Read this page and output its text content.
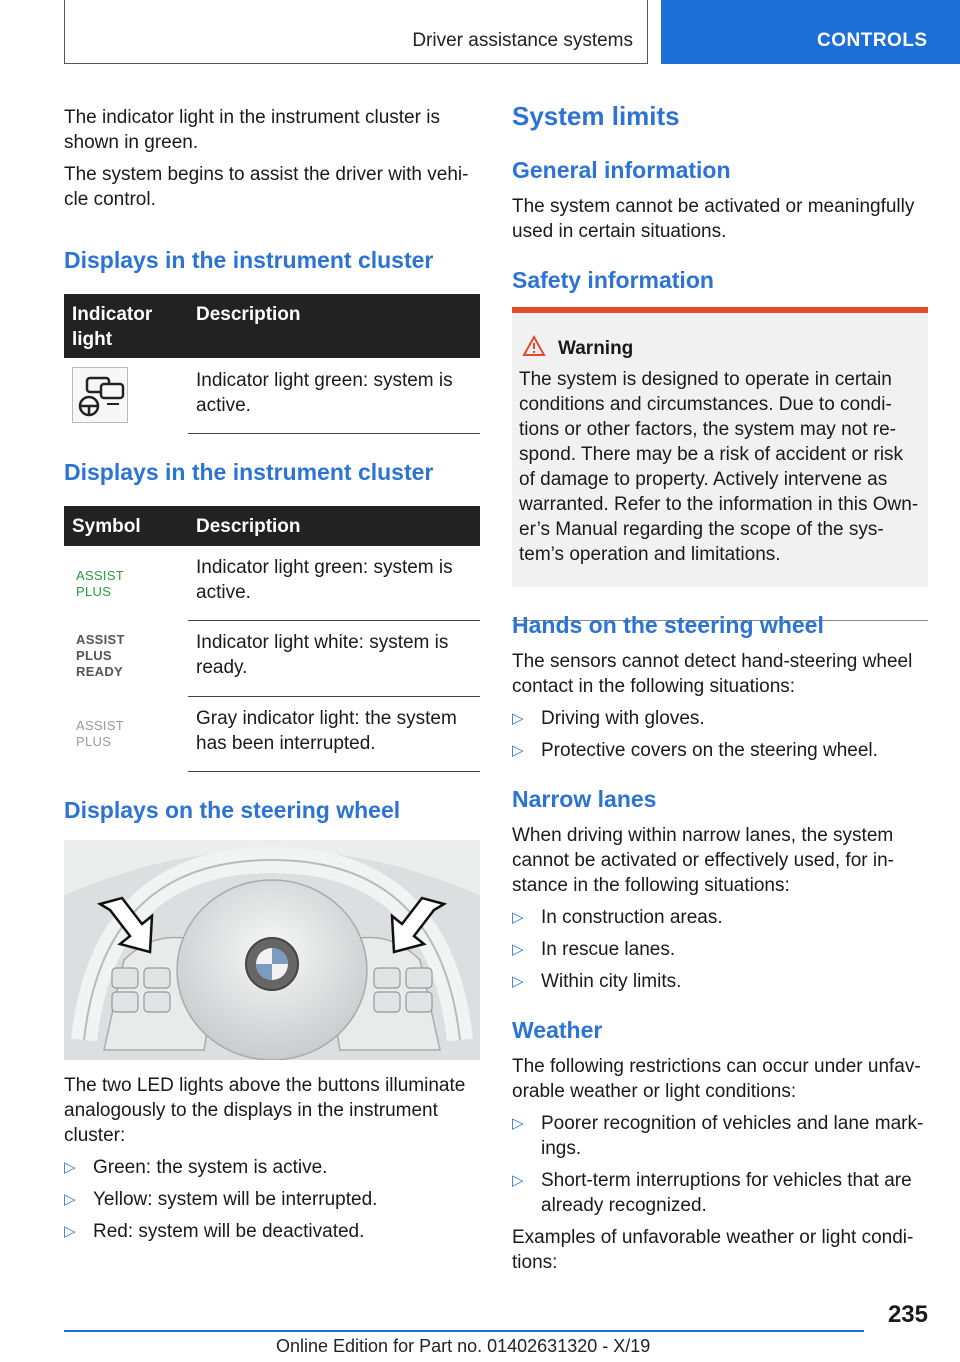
Driver assistance systems	CONTROLS

The indicator light in the instrument cluster is

shown in green.

The system begins to assist the driver with vehi-

cle control.

Displays in the instrument cluster
Indicator
light
Description

Indicator light green: system is

active.

Displays in the instrument cluster
Symbol	Description
ASSIST
PLUS

Indicator light green: system is

active.

ASSIST
PLUS
READY

Indicator light white: system is

ready.

ASSIST
PLUS

Gray indicator light: the system

has been interrupted.

Displays on the steering wheel

The two LED lights above the buttons illuminate

analogously to the displays in the instrument

cluster:

▷ Green: the system is active.
▷ Yellow: system will be interrupted.
▷ Red: system will be deactivated.
System limits
General information

The system cannot be activated or meaningfully

used in certain situations.

Safety information
Warning
The system is designed to operate in certain
conditions and circumstances. Due to condi-
tions or other factors, the system may not re-
spond. There may be a risk of accident or risk
of damage to property. Actively intervene as
warranted. Refer to the information in this Own-
er’s Manual regarding the scope of the sys-
tem’s operation and limitations.
Hands on the steering wheel

The sensors cannot detect hand-steering wheel

contact in the following situations:

▷ Driving with gloves.
▷ Protective covers on the steering wheel.
Narrow lanes

When driving within narrow lanes, the system

cannot be activated or effectively used, for in-

stance in the following situations:

▷ In construction areas.
▷ In rescue lanes.
▷ Within city limits.
Weather

The following restrictions can occur under unfav-

orable weather or light conditions:

▷ Poorer recognition of vehicles and lane mark-
ings.
▷ Short-term interruptions for vehicles that are
already recognized.

Examples of unfavorable weather or light condi-

tions:

235
Online Edition for Part no. 01402631320 - X/19
